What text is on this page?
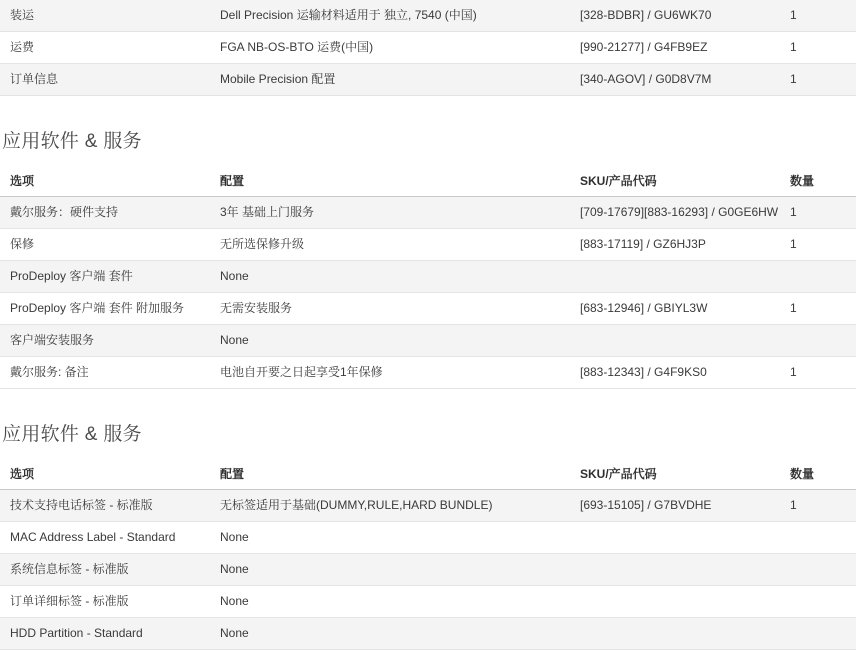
装运	Dell Precision 运输材料适用于 独立, 7540 (中国)	[328-BDBR] / GU6WK70	1
运费	FGA NB-OS-BTO 运费(中国)	[990-21277] / G4FB9EZ	1
订单信息	Mobile Precision 配置	[340-AGOV] / G0D8V7M	1
应用软件 & 服务
选项	配置	SKU/产品代码	数量
戴尔服务：硬件支持	3年 基础上门服务	[709-17679][883-16293] / G0GE6HW	1
保修	无所选保修升级	[883-17119] / GZ6HJ3P	1
ProDeploy 客户端 套件	None		
ProDeploy 客户端 套件 附加服务	无需安装服务	[683-12946] / GBIYL3W	1
客户端安装服务	None		
戴尔服务: 备注	电池自开要之日起享受1年保修	[883-12343] / G4F9KS0	1
应用软件 & 服务
选项	配置	SKU/产品代码	数量
技术支持电话标签 - 标准版	无标签适用于基础(DUMMY,RULE,HARD BUNDLE)	[693-15105] / G7BVDHE	1
MAC Address Label - Standard	None		
系统信息标签 - 标准版	None		
订单详细标签 - 标准版	None		
HDD Partition - Standard	None		
